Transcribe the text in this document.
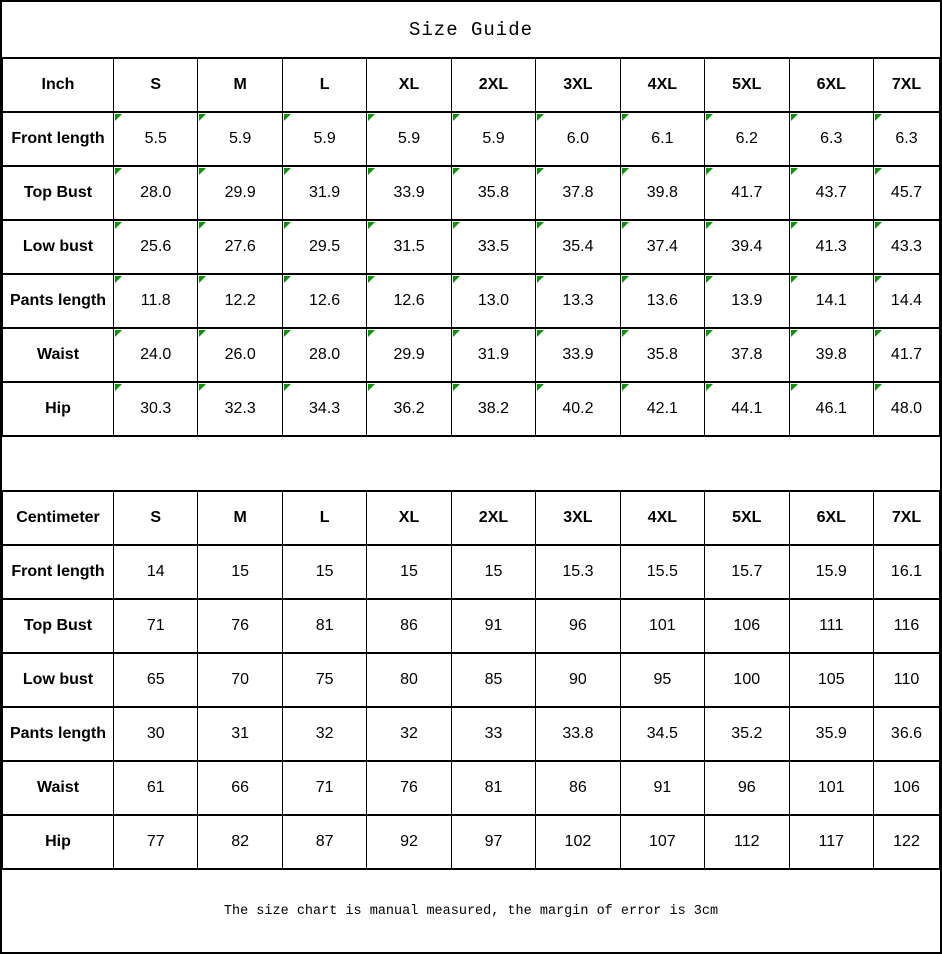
Size Guide
Inch	S	M	L	XL	2XL	3XL	4XL	5XL	6XL	7XL
Front length	5.5	5.9	5.9	5.9	5.9	6.0	6.1	6.2	6.3	6.3
Top Bust	28.0	29.9	31.9	33.9	35.8	37.8	39.8	41.7	43.7	45.7
Low bust	25.6	27.6	29.5	31.5	33.5	35.4	37.4	39.4	41.3	43.3
Pants length	11.8	12.2	12.6	12.6	13.0	13.3	13.6	13.9	14.1	14.4
Waist	24.0	26.0	28.0	29.9	31.9	33.9	35.8	37.8	39.8	41.7
Hip	30.3	32.3	34.3	36.2	38.2	40.2	42.1	44.1	46.1	48.0
Centimeter	S	M	L	XL	2XL	3XL	4XL	5XL	6XL	7XL
Front length	14	15	15	15	15	15.3	15.5	15.7	15.9	16.1
Top Bust	71	76	81	86	91	96	101	106	111	116
Low bust	65	70	75	80	85	90	95	100	105	110
Pants length	30	31	32	32	33	33.8	34.5	35.2	35.9	36.6
Waist	61	66	71	76	81	86	91	96	101	106
Hip	77	82	87	92	97	102	107	112	117	122
The size chart is manual measured, the margin of error is 3cm
